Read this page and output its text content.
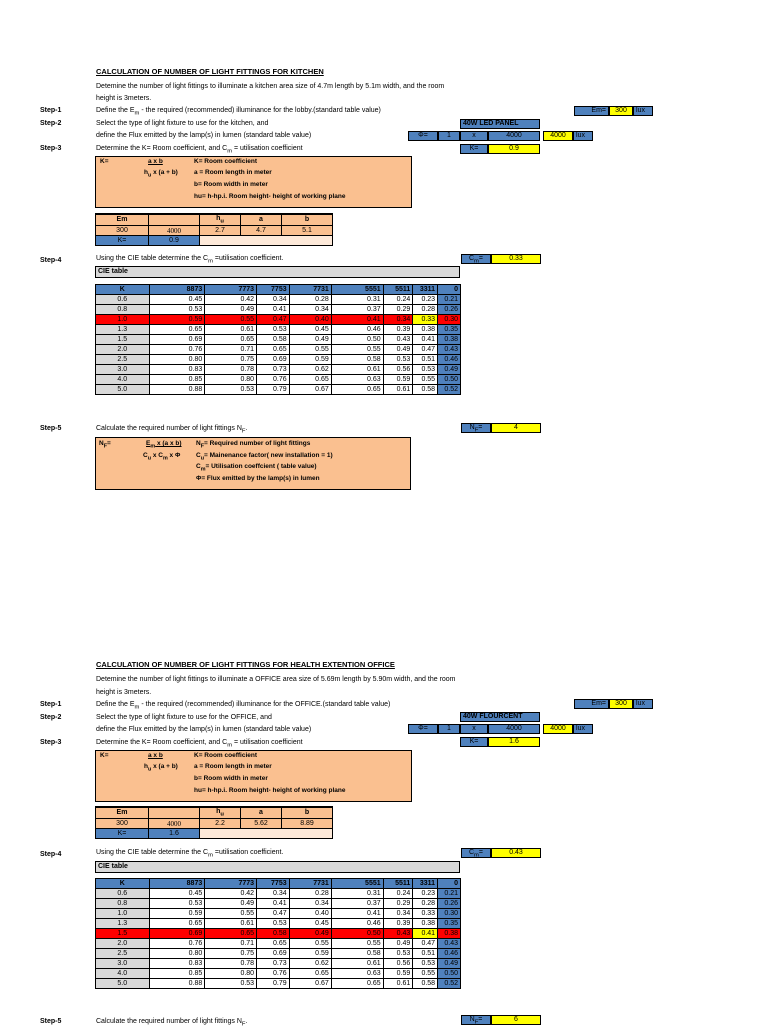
CALCULATION OF NUMBER OF LIGHT FITTINGS FOR KITCHEN
Detemine the number of light fittings to illuminate a kitchen area size of 4.7m length by 5.1m width, and the room
height is 3meters.
Step-1	Define the $E_m$ - the required (recommended) illuminance for the lobby.(standard table value)
Step-2	Select the type of light fixture to use for the kitchen, and
define the Flux emitted by the lamp(s) in lumen (standard table value)
Step-3	Determine the K= Room coefficient, and $C_m$ = utilisation coefficient
Em=	300	lux
40W LED PANEL
Φ=	1	x	4000	4000	lux
K=	0.9
K=	a x b
$h_u$ x (a + b)
K= Room coefficient
a = Room length in meter
b= Room width in meter
hu= h-hp.i. Room height- height of working plane
Em		$h_u$	a	b
300	4000	2.7	4.7	5.1
K=	0.9			
Step-4	Using the CIE table determine the $C_m$ =utilisation coefficient.	$C_m=$	0.33
CIE table
K	8873	7773	7753	7731	5551	5511	3311	0
0.6	0.45	0.42	0.34	0.28	0.31	0.24	0.23	0.21
0.8	0.53	0.49	0.41	0.34	0.37	0.29	0.28	0.26
1.0	0.59	0.55	0.47	0.40	0.41	0.34	0.33	0.30
1.3	0.65	0.61	0.53	0.45	0.46	0.39	0.38	0.35
1.5	0.69	0.65	0.58	0.49	0.50	0.43	0.41	0.38
2.0	0.76	0.71	0.65	0.55	0.55	0.49	0.47	0.43
2.5	0.80	0.75	0.69	0.59	0.58	0.53	0.51	0.46
3.0	0.83	0.78	0.73	0.62	0.61	0.56	0.53	0.49
4.0	0.85	0.80	0.76	0.65	0.63	0.59	0.55	0.50
5.0	0.88	0.53	0.79	0.67	0.65	0.61	0.58	0.52
Step-5	Calculate the required number of light fittings $N_F$.	$N_F=$	4
$N_F=$	$E_m$ x (a x b)
$C_u$ x $C_m$ x Φ
$N_F=$ Required number of light fittings
$C_u=$ Mainenance factor( new installation = 1)
$C_m=$ Utilisation coeffcient ( table value)
Φ= Flux emitted by the lamp(s) in lumen
CALCULATION OF NUMBER OF LIGHT FITTINGS FOR HEALTH EXTENTION OFFICE
Detemine the number of light fittings to illuminate a OFFICE area size of 5.69m length by 5.90m width, and the room
height is 3meters.
Step-1	Define the $E_m$ - the required (recommended) illuminance for the OFFICE.(standard table value)
Step-2	Select the type of light fixture to use for the OFFICE, and
define the Flux emitted by the lamp(s) in lumen (standard table value)
Step-3	Determine the K= Room coefficient, and $C_m$ = utilisation coefficient
Em=	300	lux
40W FLOURCENT
Φ=	1	x	4000	4000	lux
K=	1.6
K=	a x b
$h_u$ x (a + b)
K= Room coefficient
a = Room length in meter
b= Room width in meter
hu= h-hp.i. Room height- height of working plane
Em		$h_u$	a	b
300	4000	2.2	5.62	8.89
K=	1.6			
Step-4	Using the CIE table determine the $C_m$ =utilisation coefficient.	$C_m=$	0.43
CIE table
K	8873	7773	7753	7731	5551	5511	3311	0
0.6	0.45	0.42	0.34	0.28	0.31	0.24	0.23	0.21
0.8	0.53	0.49	0.41	0.34	0.37	0.29	0.28	0.26
1.0	0.59	0.55	0.47	0.40	0.41	0.34	0.33	0.30
1.3	0.65	0.61	0.53	0.45	0.46	0.39	0.38	0.35
1.5	0.69	0.65	0.58	0.49	0.50	0.43	0.41	0.38
2.0	0.76	0.71	0.65	0.55	0.55	0.49	0.47	0.43
2.5	0.80	0.75	0.69	0.59	0.58	0.53	0.51	0.46
3.0	0.83	0.78	0.73	0.62	0.61	0.56	0.53	0.49
4.0	0.85	0.80	0.76	0.65	0.63	0.59	0.55	0.50
5.0	0.88	0.53	0.79	0.67	0.65	0.61	0.58	0.52
Step-5	Calculate the required number of light fittings $N_F$.	$N_F=$	6
